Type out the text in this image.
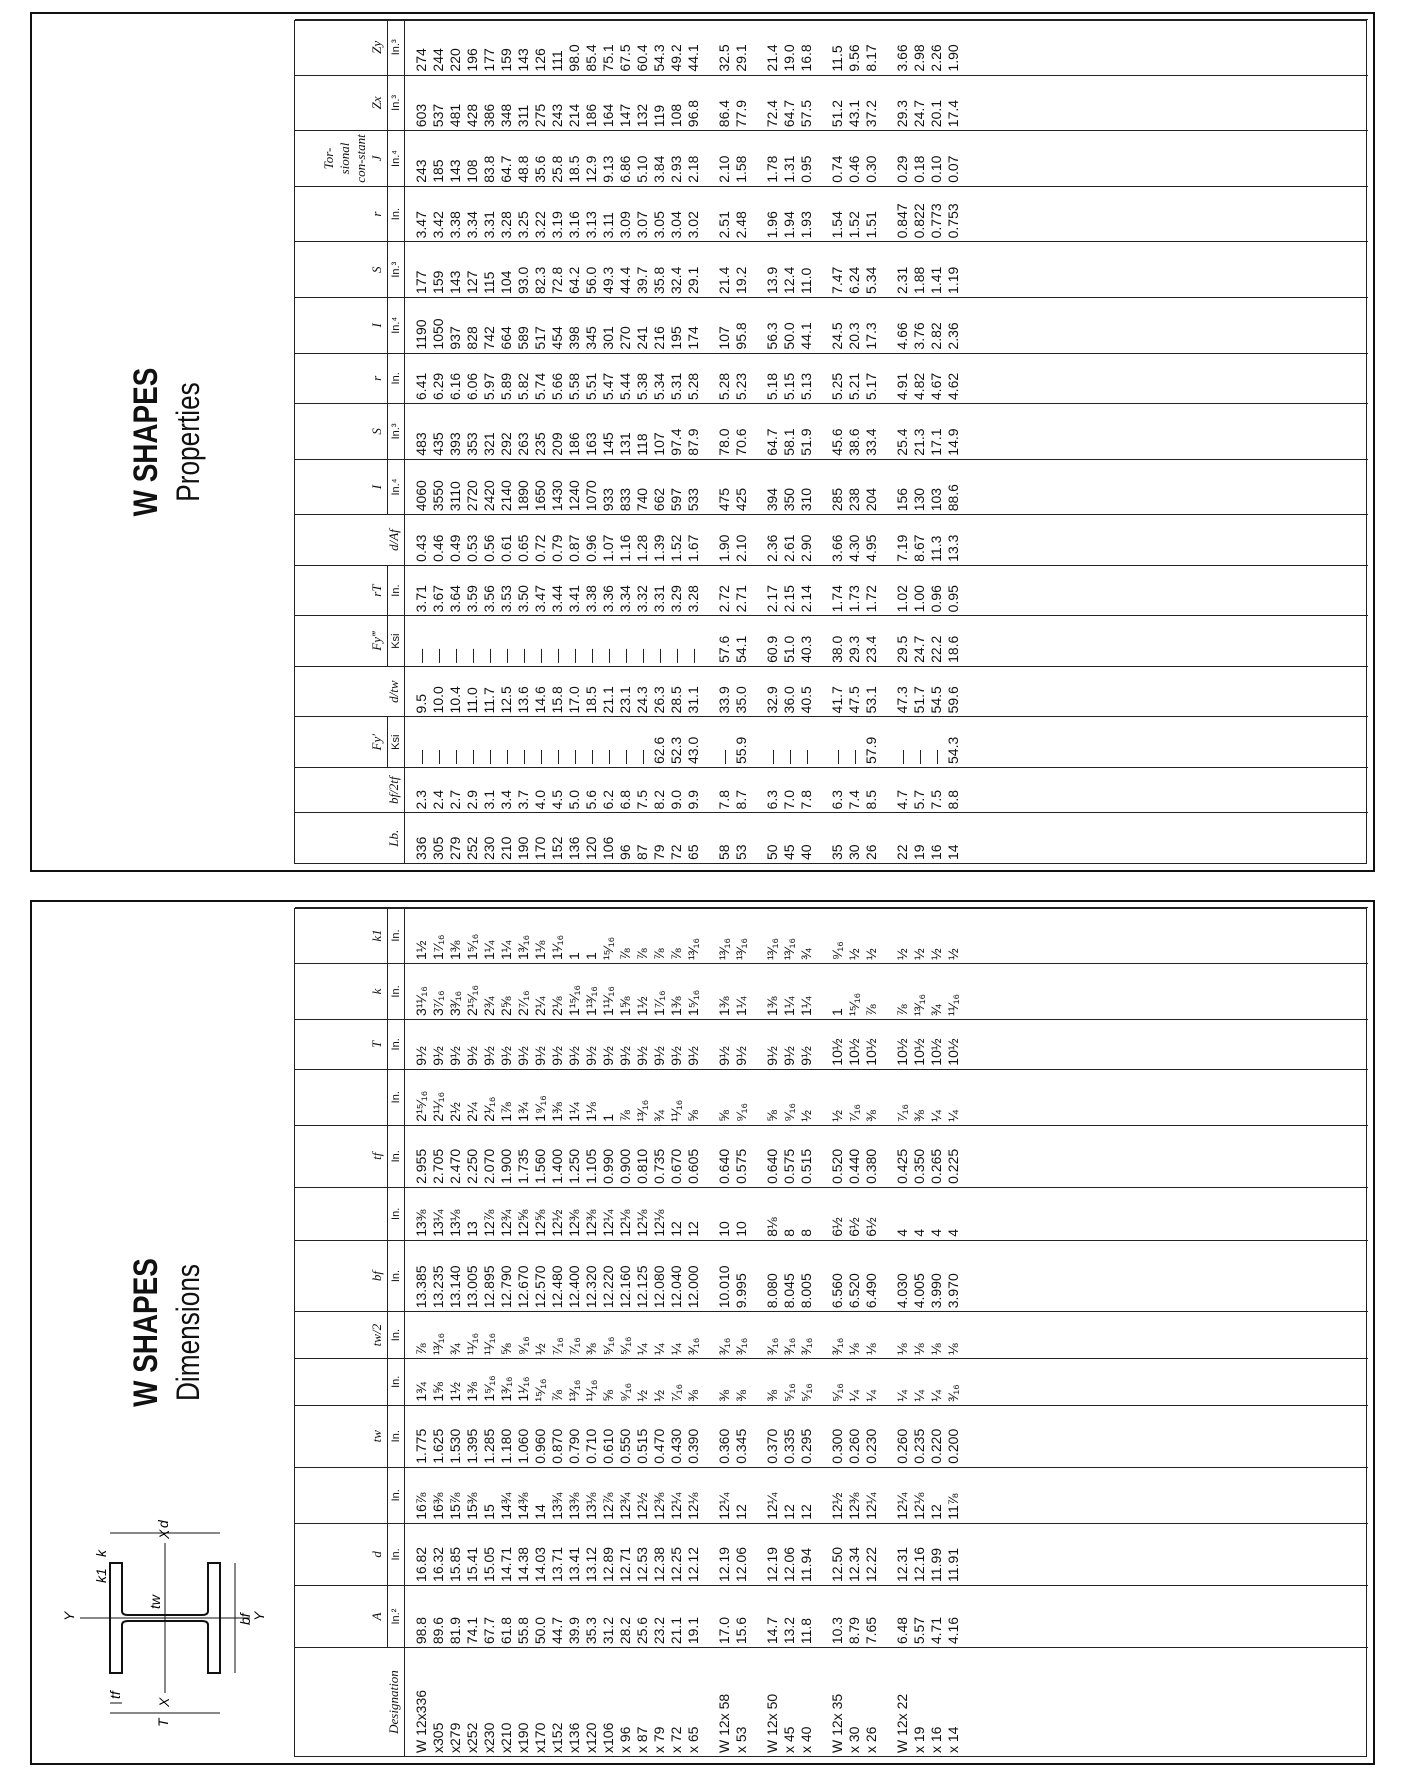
W SHAPES Properties
Lb. 336 305 279 252 230 210 190 170 152 136 120 106 96 87 79 72 65 58 53 50 45 40 35 30 26 22 19 16 14
bf/2tf 2.3 2.4 2.7 2.9 3.1 3.4 3.7 4.0 4.5 5.0 5.6 6.2 6.8 7.5 8.2 9.0 9.9 7.8 8.7 6.3 7.0 7.8 6.3 7.4 8.5 4.7 5.7 7.5 8.8
Fy′ Ksi
— — — — — — — — — — — — — — 62.6 52.3 43.0 — 55.9 — — — — — 57.9 — — — 54.3
d/tw
9.5 10.0 10.4 11.0 11.7 12.5 13.6 14.6 15.8 17.0 18.5 21.1 23.1 24.3 26.3 28.5 31.1 33.9 35.0 32.9 36.0 40.5 41.7 47.5 53.1 47.3 51.7 54.5 59.6
Fy‴ Ksi
— — — — — — — — — — — — — — — — — 57.6 54.1 60.9 51.0 40.3 38.0 29.3 23.4 29.5 24.7 22.2 18.6
rT In. 3.71 3.67 3.64 3.59 3.56 3.53 3.50 3.47 3.44 3.41 3.38 3.36 3.34 3.32 3.31 3.29 3.28 2.72 2.71 2.17 2.15 2.14 1.74 1.73 1.72 1.02 1.00 0.96 0.95
d/Af 0.43 0.46 0.49 0.53 0.56 0.61 0.65 0.72 0.79 0.87 0.96 1.07 1.16 1.28 1.39 1.52 1.67 1.90 2.10 2.36 2.61 2.90 3.66 4.30 4.95 7.19 8.67 11.3 13.3
I In.⁴ 4060 3550 3110 2720 2420 2140 1890 1650 1430 1240 1070 933 833 740 662 597 533 475 425 394 350 310 285 238 204 156 130 103 88.6
S In.³
483 435 393 353 321 292 263 235 209 186 163 145 131 118 107 97.4 87.9 78.0 70.6 64.7 58.1 51.9 45.6 38.6 33.4 25.4 21.3 17.1 14.9
r In. 6.41 6.29 6.16 6.06 5.97 5.89 5.82 5.74 5.66 5.58 5.51 5.47 5.44 5.38 5.34 5.31 5.28 5.28 5.23 5.18 5.15 5.13 5.25 5.21 5.17 4.91 4.82 4.67 4.62
I In.⁴ 1190 1050 937 828 742 664 589 517 454 398 345 301 270 241 216 195 174 107 95.8 56.3 50.0 44.1 24.5 20.3 17.3 4.66 3.76 2.82 2.36
S In.³
177 159 143 127 115 104 93.0 82.3 72.8 64.2 56.0 49.3 44.4 39.7 35.8 32.4 29.1 21.4 19.2 13.9 12.4 11.0 7.47 6.24 5.34 2.31 1.88 1.41 1.19
r In. 3.47 3.42 3.38 3.34 3.31 3.28 3.25 3.22 3.19 3.16 3.13 3.11 3.09 3.07 3.05 3.04 3.02 2.51 2.48 1.96 1.94 1.93 1.54 1.52 1.51 0.847 0.822 0.773 0.753
Tor-sional con-stant J In.⁴
243 185 143 108 83.8 64.7 48.8 35.6 25.8 18.5 12.9 9.13 6.86 5.10 3.84 2.93 2.18 2.10 1.58 1.78 1.31 0.95 0.74 0.46 0.30 0.29 0.18 0.10 0.07
Zx In.³
603 537 481 428 386 348 311 275 243 214 186 164 147 132 119 108 96.8 86.4 77.9 72.4 64.7 57.5 51.2 43.1 37.2 29.3 24.7 20.1 17.4
Zy In.³
274 244 220 196 177 159 143 126 111 98.0 85.4 75.1 67.5 60.4 54.3 49.2 44.1 32.5 29.1 21.4 19.0 16.8 11.5 9.56 8.17 3.66 2.98 2.26 1.90
W SHAPES Dimensions
Y	Y
X
X
d
bf
tf
tw
T
k
k1
Designation W 12x336 x305 x279 x252 x230 x210 x190 x170 x152 x136 x120 x106 x 96 x 87 x 79 x 72 x 65 W 12x 58 x 53 W 12x 50 x 45 x 40 W 12x 35 x 30 x 26 W 12x 22 x 19 x 16 x 14
A In.²
98.8 89.6 81.9 74.1 67.7 61.8 55.8 50.0 44.7 39.9 35.3 31.2 28.2 25.6 23.2 21.1 19.1 17.0 15.6 14.7 13.2 11.8 10.3 8.79 7.65 6.48 5.57 4.71 4.16
d In. 16.82 16.32 15.85 15.41 15.05 14.71 14.38 14.03 13.71 13.41 13.12 12.89 12.71 12.53 12.38 12.25 12.12 12.19 12.06 12.19 12.06 11.94 12.50 12.34 12.22 12.31 12.16 11.99 11.91
In. 16⅞ 16⅜ 15⅞ 15⅜ 15 14¾ 14⅜ 14 13¾ 13⅜ 13⅛ 12⅞ 12¾ 12½ 12⅜ 12¼ 12⅛ 12¼ 12 12¼ 12 12 12½ 12⅜ 12¼ 12¼ 12⅛ 12 11⅞
tw In. 1.775 1.625 1.530 1.395 1.285 1.180 1.060 0.960 0.870 0.790 0.710 0.610 0.550 0.515 0.470 0.430 0.390 0.360 0.345 0.370 0.335 0.295 0.300 0.260 0.230 0.260 0.235 0.220 0.200
In.
1¾ 1⅝ 1½ 1⅜ 1⁵⁄₁₆ 1³⁄₁₆ 1¹⁄₁₆ ¹⁵⁄₁₆ ⅞ ¹³⁄₁₆ ¹¹⁄₁₆ ⅝ ⁹⁄₁₆ ½ ½ ⁷⁄₁₆ ⅜ ⅜ ⅜ ⅜ ⁵⁄₁₆ ⁵⁄₁₆ ⁵⁄₁₆ ¼ ¼ ¼ ¼ ¼ ³⁄₁₆
tw/2 In.
⅞ ¹³⁄₁₆ ¾ ¹¹⁄₁₆ ¹¹⁄₁₆ ⅝ ⁹⁄₁₆ ½ ⁷⁄₁₆ ⁷⁄₁₆ ⅜ ⁵⁄₁₆ ⁵⁄₁₆ ¼ ¼ ¼ ³⁄₁₆ ³⁄₁₆ ³⁄₁₆ ³⁄₁₆ ³⁄₁₆ ³⁄₁₆ ³⁄₁₆ ⅛ ⅛ ⅛ ⅛ ⅛ ⅛
bf In. 13.385 13.235 13.140 13.005 12.895 12.790 12.670 12.570 12.480 12.400 12.320 12.220 12.160 12.125 12.080 12.040 12.000 10.010 9.995 8.080 8.045 8.005 6.560 6.520 6.490 4.030 4.005 3.990 3.970
In. 13⅜ 13¼ 13⅛ 13 12⅞ 12¾ 12⅝ 12⅝ 12½ 12⅜ 12⅜ 12¼ 12⅛ 12⅛ 12⅛ 12 12 10 10 8⅛ 8 8 6½ 6½ 6½ 4 4 4 4
tf In. 2.955 2.705 2.470 2.250 2.070 1.900 1.735 1.560 1.400 1.250 1.105 0.990 0.900 0.810 0.735 0.670 0.605 0.640 0.575 0.640 0.575 0.515 0.520 0.440 0.380 0.425 0.350 0.265 0.225
In. 2¹⁵⁄₁₆ 2¹¹⁄₁₆ 2½ 2¼ 2¹⁄₁₆ 1⅞ 1¾ 1⁹⁄₁₆ 1⅜ 1¼ 1⅛ 1 ⅞ ¹³⁄₁₆ ¾ ¹¹⁄₁₆ ⅝ ⅝ ⁹⁄₁₆ ⅝ ⁹⁄₁₆ ½ ½ ⁷⁄₁₆ ⅜ ⁷⁄₁₆ ⅜ ¼ ¼
T In.
9½ 9½ 9½ 9½ 9½ 9½ 9½ 9½ 9½ 9½ 9½ 9½ 9½ 9½ 9½ 9½ 9½ 9½ 9½ 9½ 9½ 9½ 10½ 10½ 10½ 10½ 10½ 10½ 10½
k In. 3¹¹⁄₁₆ 3⁷⁄₁₆ 3³⁄₁₆ 2¹⁵⁄₁₆ 2¾ 2⅝ 2⁷⁄₁₆ 2¼ 2⅛ 1¹⁵⁄₁₆ 1¹³⁄₁₆ 1¹¹⁄₁₆ 1⅝ 1½ 1⁷⁄₁₆ 1⅜ 1⁵⁄₁₆ 1⅜ 1¼ 1⅜ 1¼ 1¼ 1 ¹⁵⁄₁₆ ⅞ ⅞ ¹³⁄₁₆ ¾ ¹¹⁄₁₆
k1 In.
1½ 1⁷⁄₁₆ 1⅜ 1⁵⁄₁₆ 1¼ 1¼ 1³⁄₁₆ 1⅛ 1¹⁄₁₆ 1 1 ¹⁵⁄₁₆ ⅞ ⅞ ⅞ ⅞ ¹³⁄₁₆ ¹³⁄₁₆ ¹³⁄₁₆ ¹³⁄₁₆ ¹³⁄₁₆ ¾ ⁹⁄₁₆ ½ ½ ½ ½ ½ ½
